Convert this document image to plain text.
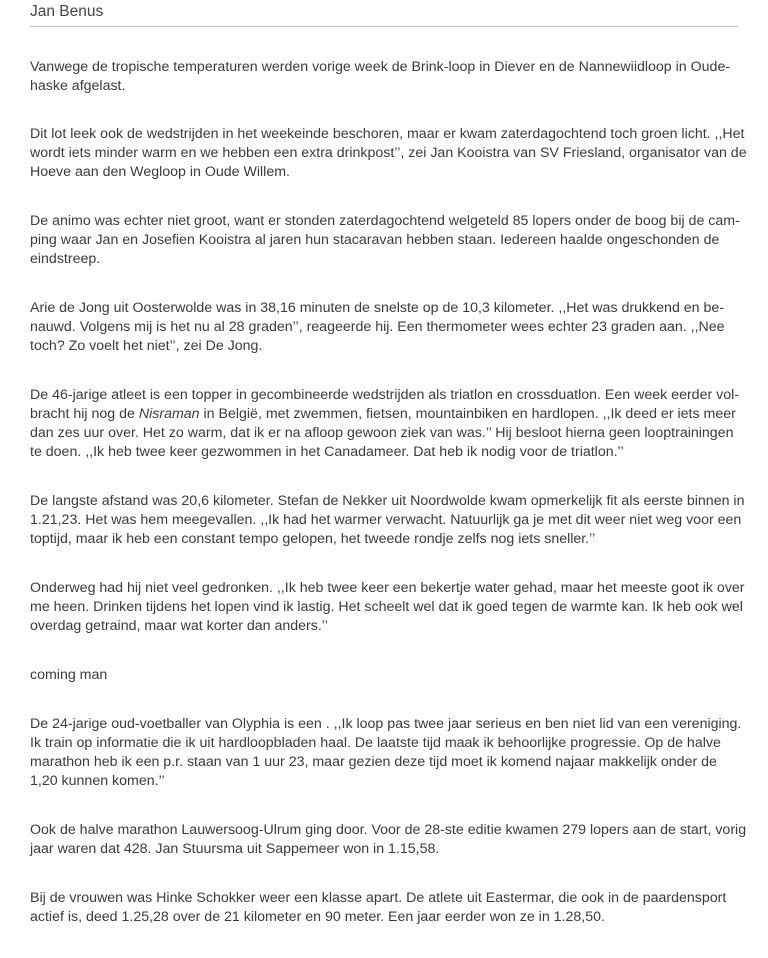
Jan Benus

Vanwege de tropische temperaturen werden vorige week de Brink-loop in Diever en de Nannewiidloop in Oude-
haske afgelast.

Dit lot leek ook de wedstrijden in het weekeinde beschoren, maar er kwam zaterdagochtend toch groen licht. ,,Het
wordt iets minder warm en we hebben een extra drinkpost’’, zei Jan Kooistra van SV Friesland, organisator van de
Hoeve aan den Wegloop in Oude Willem.

De animo was echter niet groot, want er stonden zaterdagochtend welgeteld 85 lopers onder de boog bij de cam-
ping waar Jan en Josefien Kooistra al jaren hun stacaravan hebben staan. Iedereen haalde ongeschonden de
eindstreep.

Arie de Jong uit Oosterwolde was in 38,16 minuten de snelste op de 10,3 kilometer. ,,Het was drukkend en be-
nauwd. Volgens mij is het nu al 28 graden’’, reageerde hij. Een thermometer wees echter 23 graden aan. ,,Nee
toch? Zo voelt het niet’’, zei De Jong.

De 46-jarige atleet is een topper in gecombineerde wedstrijden als triatlon en crossduatlon. Een week eerder vol-
bracht hij nog de Nisraman in België, met zwemmen, fietsen, mountainbiken en hardlopen. ,,Ik deed er iets meer
dan zes uur over. Het zo warm, dat ik er na afloop gewoon ziek van was.’’ Hij besloot hierna geen looptrainingen
te doen. ,,Ik heb twee keer gezwommen in het Canadameer. Dat heb ik nodig voor de triatlon.’’

De langste afstand was 20,6 kilometer. Stefan de Nekker uit Noordwolde kwam opmerkelijk fit als eerste binnen in
1.21,23. Het was hem meegevallen. ,,Ik had het warmer verwacht. Natuurlijk ga je met dit weer niet weg voor een
toptijd, maar ik heb een constant tempo gelopen, het tweede rondje zelfs nog iets sneller.’’

Onderweg had hij niet veel gedronken. ,,Ik heb twee keer een bekertje water gehad, maar het meeste goot ik over
me heen. Drinken tijdens het lopen vind ik lastig. Het scheelt wel dat ik goed tegen de warmte kan. Ik heb ook wel
overdag getraind, maar wat korter dan anders.’’

coming man

De 24-jarige oud-voetballer van Olyphia is een . ,,Ik loop pas twee jaar serieus en ben niet lid van een vereniging.
Ik train op informatie die ik uit hardloopbladen haal. De laatste tijd maak ik behoorlijke progressie. Op de halve
marathon heb ik een p.r. staan van 1 uur 23, maar gezien deze tijd moet ik komend najaar makkelijk onder de
1,20 kunnen komen.’’

Ook de halve marathon Lauwersoog-Ulrum ging door. Voor de 28-ste editie kwamen 279 lopers aan de start, vorig
jaar waren dat 428. Jan Stuursma uit Sappemeer won in 1.15,58.

Bij de vrouwen was Hinke Schokker weer een klasse apart. De atlete uit Eastermar, die ook in de paardensport
actief is, deed 1.25,28 over de 21 kilometer en 90 meter. Een jaar eerder won ze in 1.28,50.
